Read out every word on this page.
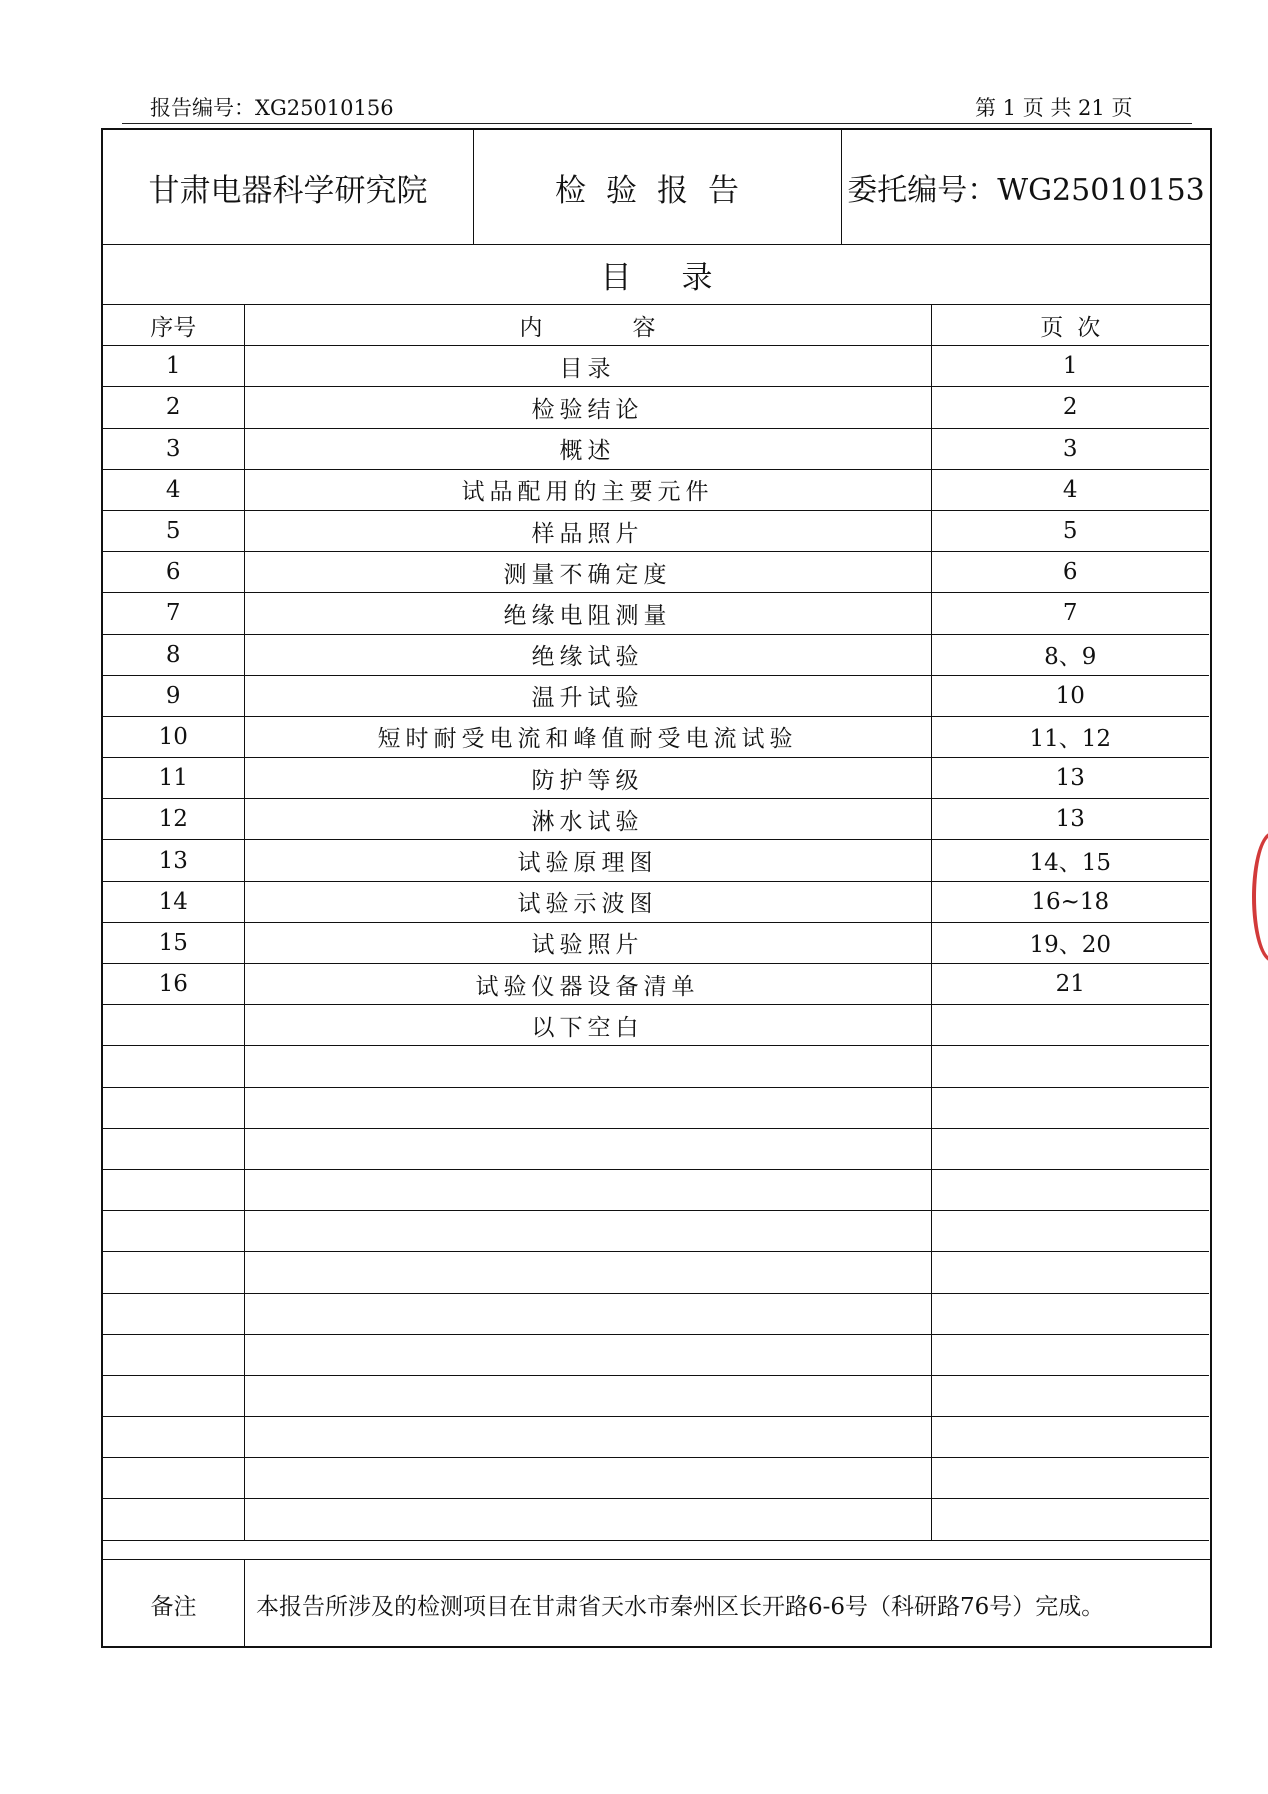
报告编号：XG25010156	第 1 页 共 21 页
甘肃电器科学研究院	检验报告	委托编号：WG25010153
目录
序号	内容	页次
1	目录	1
2	检验结论	2
3	概述	3
4	试品配用的主要元件	4
5	样品照片	5
6	测量不确定度	6
7	绝缘电阻测量	7
8	绝缘试验	8、9
9	温升试验	10
10	短时耐受电流和峰值耐受电流试验	11、12
11	防护等级	13
12	淋水试验	13
13	试验原理图	14、15
14	试验示波图	16~18
15	试验照片	19、20
16	试验仪器设备清单	21
	以下空白	

备注	本报告所涉及的检测项目在甘肃省天水市秦州区长开路6-6号（科研路76号）完成。
